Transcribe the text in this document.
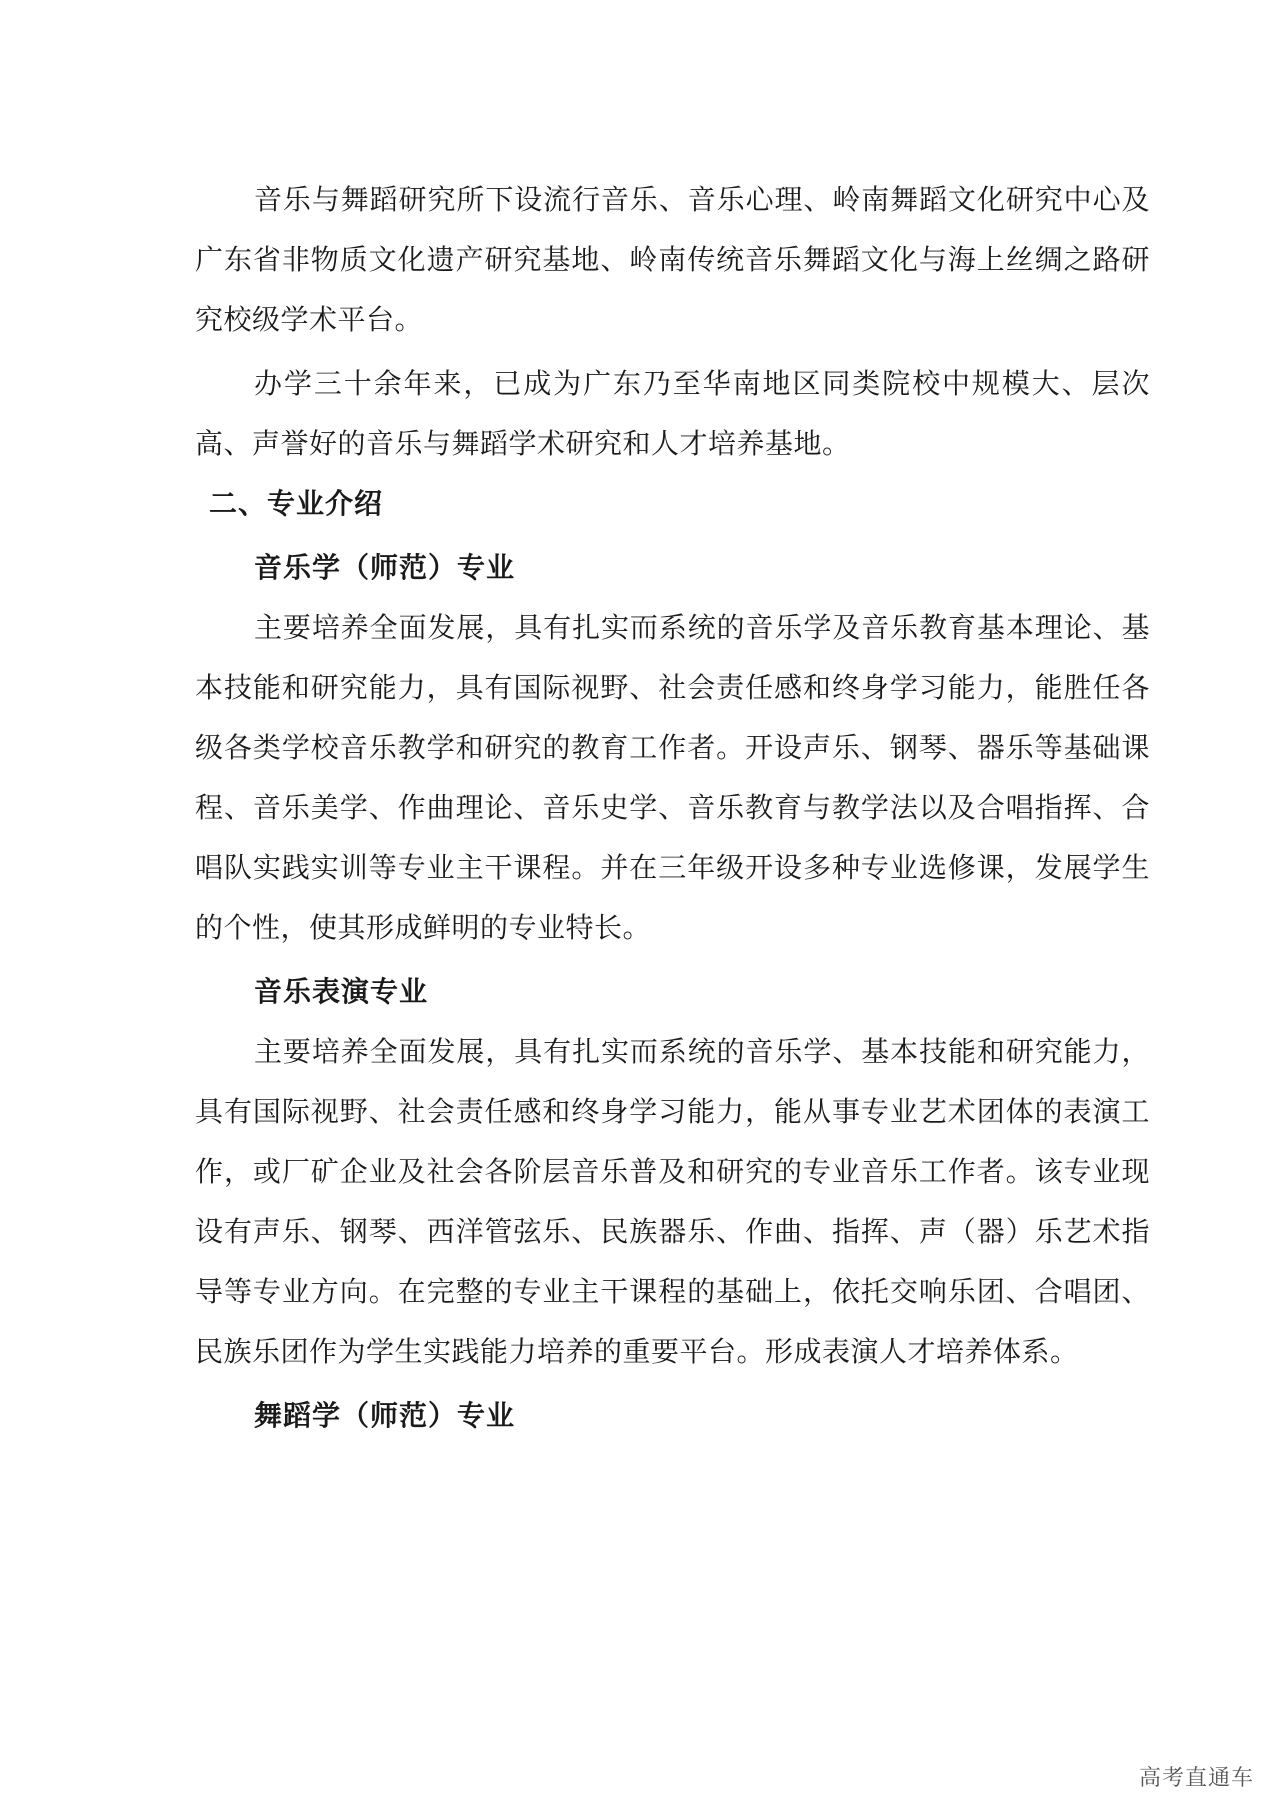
音乐与舞蹈研究所下设流行音乐、音乐心理、岭南舞蹈文化研究中心及广东省非物质文化遗产研究基地、岭南传统音乐舞蹈文化与海上丝绸之路研究校级学术平台。

办学三十余年来，已成为广东乃至华南地区同类院校中规模大、层次高、声誉好的音乐与舞蹈学术研究和人才培养基地。

二、专业介绍
音乐学（师范）专业

主要培养全面发展，具有扎实而系统的音乐学及音乐教育基本理论、基本技能和研究能力，具有国际视野、社会责任感和终身学习能力，能胜任各级各类学校音乐教学和研究的教育工作者。开设声乐、钢琴、器乐等基础课程、音乐美学、作曲理论、音乐史学、音乐教育与教学法以及合唱指挥、合唱队实践实训等专业主干课程。并在三年级开设多种专业选修课，发展学生的个性，使其形成鲜明的专业特长。

音乐表演专业

主要培养全面发展，具有扎实而系统的音乐学、基本技能和研究能力，具有国际视野、社会责任感和终身学习能力，能从事专业艺术团体的表演工作，或厂矿企业及社会各阶层音乐普及和研究的专业音乐工作者。该专业现设有声乐、钢琴、西洋管弦乐、民族器乐、作曲、指挥、声（器）乐艺术指导等专业方向。在完整的专业主干课程的基础上，依托交响乐团、合唱团、民族乐团作为学生实践能力培养的重要平台。形成表演人才培养体系。

舞蹈学（师范）专业
高考直通车
